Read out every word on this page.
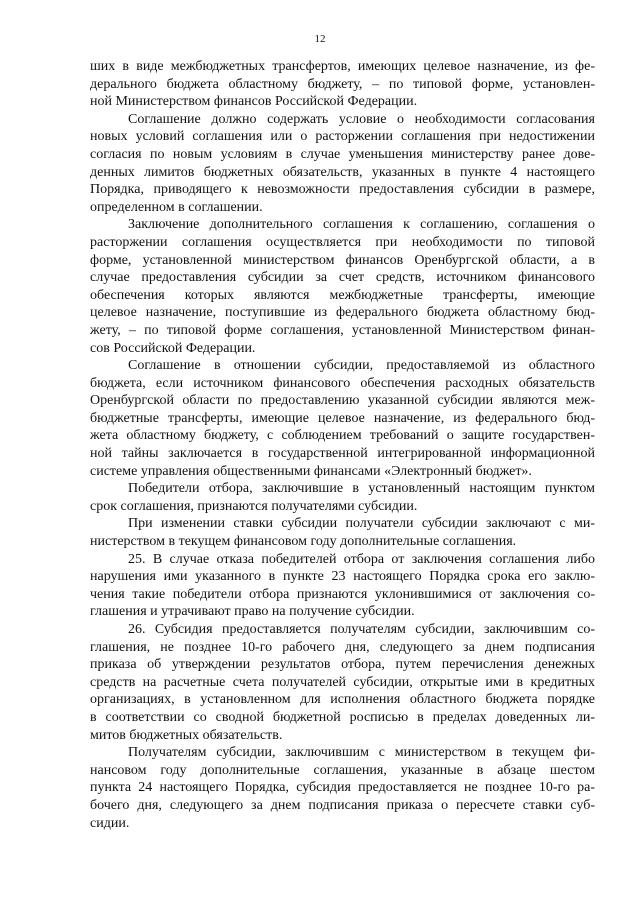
12
ших в виде межбюджетных трансфертов, имеющих целевое назначение, из фе-
дерального бюджета областному бюджету, – по типовой форме, установлен-
ной Министерством финансов Российской Федерации.
Соглашение должно содержать условие о необходимости согласования
новых условий соглашения или о расторжении соглашения при недостижении
согласия по новым условиям в случае уменьшения министерству ранее дове-
денных лимитов бюджетных обязательств, указанных в пункте 4 настоящего
Порядка, приводящего к невозможности предоставления субсидии в размере,
определенном в соглашении.
Заключение дополнительного соглашения к соглашению, соглашения о
расторжении соглашения осуществляется при необходимости по типовой
форме, установленной министерством финансов Оренбургской области, а в
случае предоставления субсидии за счет средств, источником финансового
обеспечения которых являются межбюджетные трансферты, имеющие
целевое назначение, поступившие из федерального бюджета областному бюд-
жету, – по типовой форме соглашения, установленной Министерством финан-
сов Российской Федерации.
Соглашение в отношении субсидии, предоставляемой из областного
бюджета, если источником финансового обеспечения расходных обязательств
Оренбургской области по предоставлению указанной субсидии являются меж-
бюджетные трансферты, имеющие целевое назначение, из федерального бюд-
жета областному бюджету, с соблюдением требований о защите государствен-
ной тайны заключается в государственной интегрированной информационной
системе управления общественными финансами «Электронный бюджет».
Победители отбора, заключившие в установленный настоящим пунктом
срок соглашения, признаются получателями субсидии.
При изменении ставки субсидии получатели субсидии заключают с ми-
нистерством в текущем финансовом году дополнительные соглашения.
25. В случае отказа победителей отбора от заключения соглашения либо
нарушения ими указанного в пункте 23 настоящего Порядка срока его заклю-
чения такие победители отбора признаются уклонившимися от заключения со-
глашения и утрачивают право на получение субсидии.
26. Субсидия предоставляется получателям субсидии, заключившим со-
глашения, не позднее 10-го рабочего дня, следующего за днем подписания
приказа об утверждении результатов отбора, путем перечисления денежных
средств на расчетные счета получателей субсидии, открытые ими в кредитных
организациях, в установленном для исполнения областного бюджета порядке
в соответствии со сводной бюджетной росписью в пределах доведенных ли-
митов бюджетных обязательств.
Получателям субсидии, заключившим с министерством в текущем фи-
нансовом году дополнительные соглашения, указанные в абзаце шестом
пункта 24 настоящего Порядка, субсидия предоставляется не позднее 10-го ра-
бочего дня, следующего за днем подписания приказа о пересчете ставки суб-
сидии.
